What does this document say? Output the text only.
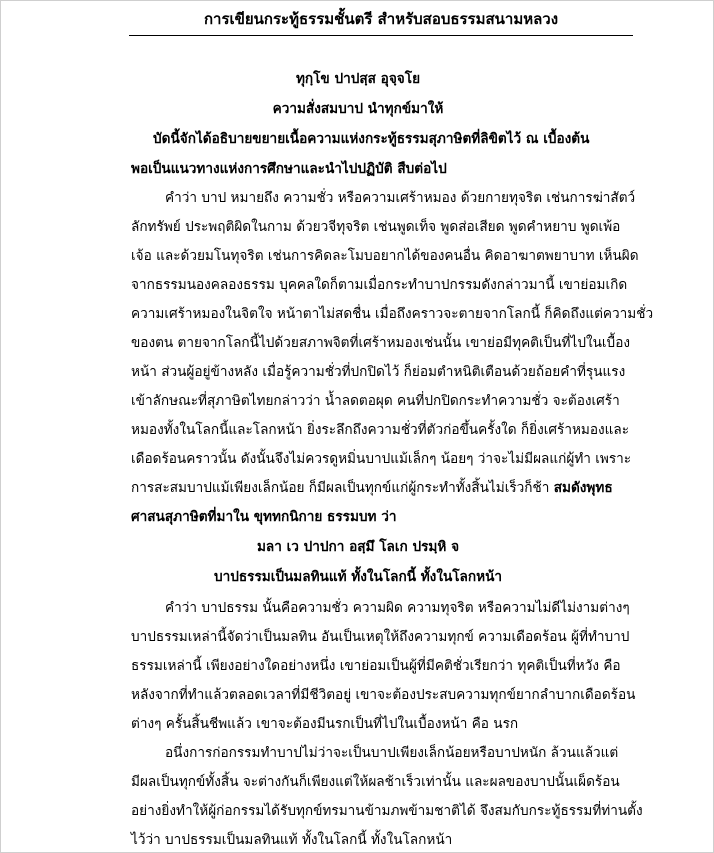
การเขียนกระทู้ธรรมชั้นตรี สำหรับสอบธรรมสนามหลวง
ทุกฺโข ปาปสฺส อุจฺจโย
ความสั่งสมบาป นำทุกข์มาให้
บัดนี้จักได้อธิบายขยายเนื้อความแห่งกระทู้ธรรมสุภาษิตที่ลิขิตไว้ ณ เบื้องต้น
พอเป็นแนวทางแห่งการศึกษาและนำไปปฏิบัติ สืบต่อไป
คำว่า บาป หมายถึง ความชั่ว หรือความเศร้าหมอง ด้วยกายทุจริต เช่นการฆ่าสัตว์
ลักทรัพย์ ประพฤติผิดในกาม ด้วยวจีทุจริต เช่นพูดเท็จ พูดส่อเสียด พูดคำหยาบ พูดเพ้อ
เจ้อ และด้วยมโนทุจริต เช่นการคิดละโมบอยากได้ของคนอื่น คิดอาฆาตพยาบาท เห็นผิด
จากธรรมนองคลองธรรม บุคคลใดก็ตามเมื่อกระทำบาปกรรมดังกล่าวมานี้ เขาย่อมเกิด
ความเศร้าหมองในจิตใจ หน้าตาไม่สดชื่น เมื่อถึงคราวจะตายจากโลกนี้ ก็คิดถึงแต่ความชั่ว
ของตน ตายจากโลกนี้ไปด้วยสภาพจิตที่เศร้าหมองเช่นนั้น เขาย่อมีทุคติเป็นที่ไปในเบื้อง
หน้า ส่วนผู้อยู่ข้างหลัง เมื่อรู้ความชั่วที่ปกปิดไว้ ก็ย่อมตำหนิติเตือนด้วยถ้อยคำที่รุนแรง
เข้าลักษณะที่สุภาษิตไทยกล่าวว่า น้ำลดตอผุด คนที่ปกปิดกระทำความชั่ว จะต้องเศร้า
หมองทั้งในโลกนี้และโลกหน้า ยิ่งระลึกถึงความชั่วที่ตัวก่อขึ้นครั้งใด ก็ยิ่งเศร้าหมองและ
เดือดร้อนคราวนั้น ดังนั้นจึงไม่ควรดูหมิ่นบาปแม้เล็กๆ น้อยๆ ว่าจะไม่มีผลแก่ผู้ทำ เพราะ
การสะสมบาปแม้เพียงเล็กน้อย ก็มีผลเป็นทุกข์แก่ผู้กระทำทั้งสิ้นไม่เร็วก็ช้า สมดังพุทธ
ศาสนสุภาษิตที่มาใน ขุททกนิกาย ธรรมบท ว่า
มลา เว ปาปกา อสฺมึ โลเก ปรมฺหิ จ
บาปธรรมเป็นมลทินแท้ ทั้งในโลกนี้ ทั้งในโลกหน้า
คำว่า บาปธรรม นั้นคือความชั่ว ความผิด ความทุจริต หรือความไม่ดีไม่งามต่างๆ
บาปธรรมเหล่านี้จัดว่าเป็นมลทิน อันเป็นเหตุให้ถึงความทุกข์ ความเดือดร้อน ผู้ที่ทำบาป
ธรรมเหล่านี้ เพียงอย่างใดอย่างหนึ่ง เขาย่อมเป็นผู้ที่มีคติชั่วเรียกว่า ทุคติเป็นที่หวัง คือ
หลังจากที่ทำแล้วตลอดเวลาที่มีชีวิตอยู่ เขาจะต้องประสบความทุกข์ยากลำบากเดือดร้อน
ต่างๆ ครั้นสิ้นชีพแล้ว เขาจะต้องมีนรกเป็นที่ไปในเบื้องหน้า คือ นรก
อนึ่งการก่อกรรมทำบาปไม่ว่าจะเป็นบาปเพียงเล็กน้อยหรือบาปหนัก ล้วนแล้วแต่
มีผลเป็นทุกข์ทั้งสิ้น จะต่างกันก็เพียงแต่ให้ผลช้าเร็วเท่านั้น และผลของบาปนั้นเผ็ดร้อน
อย่างยิ่งทำให้ผู้ก่อกรรมได้รับทุกข์ทรมานข้ามภพข้ามชาติได้ จึงสมกับกระทู้ธรรมที่ท่านตั้ง
ไว้ว่า บาปธรรมเป็นมลทินแท้ ทั้งในโลกนี้ ทั้งในโลกหน้า
